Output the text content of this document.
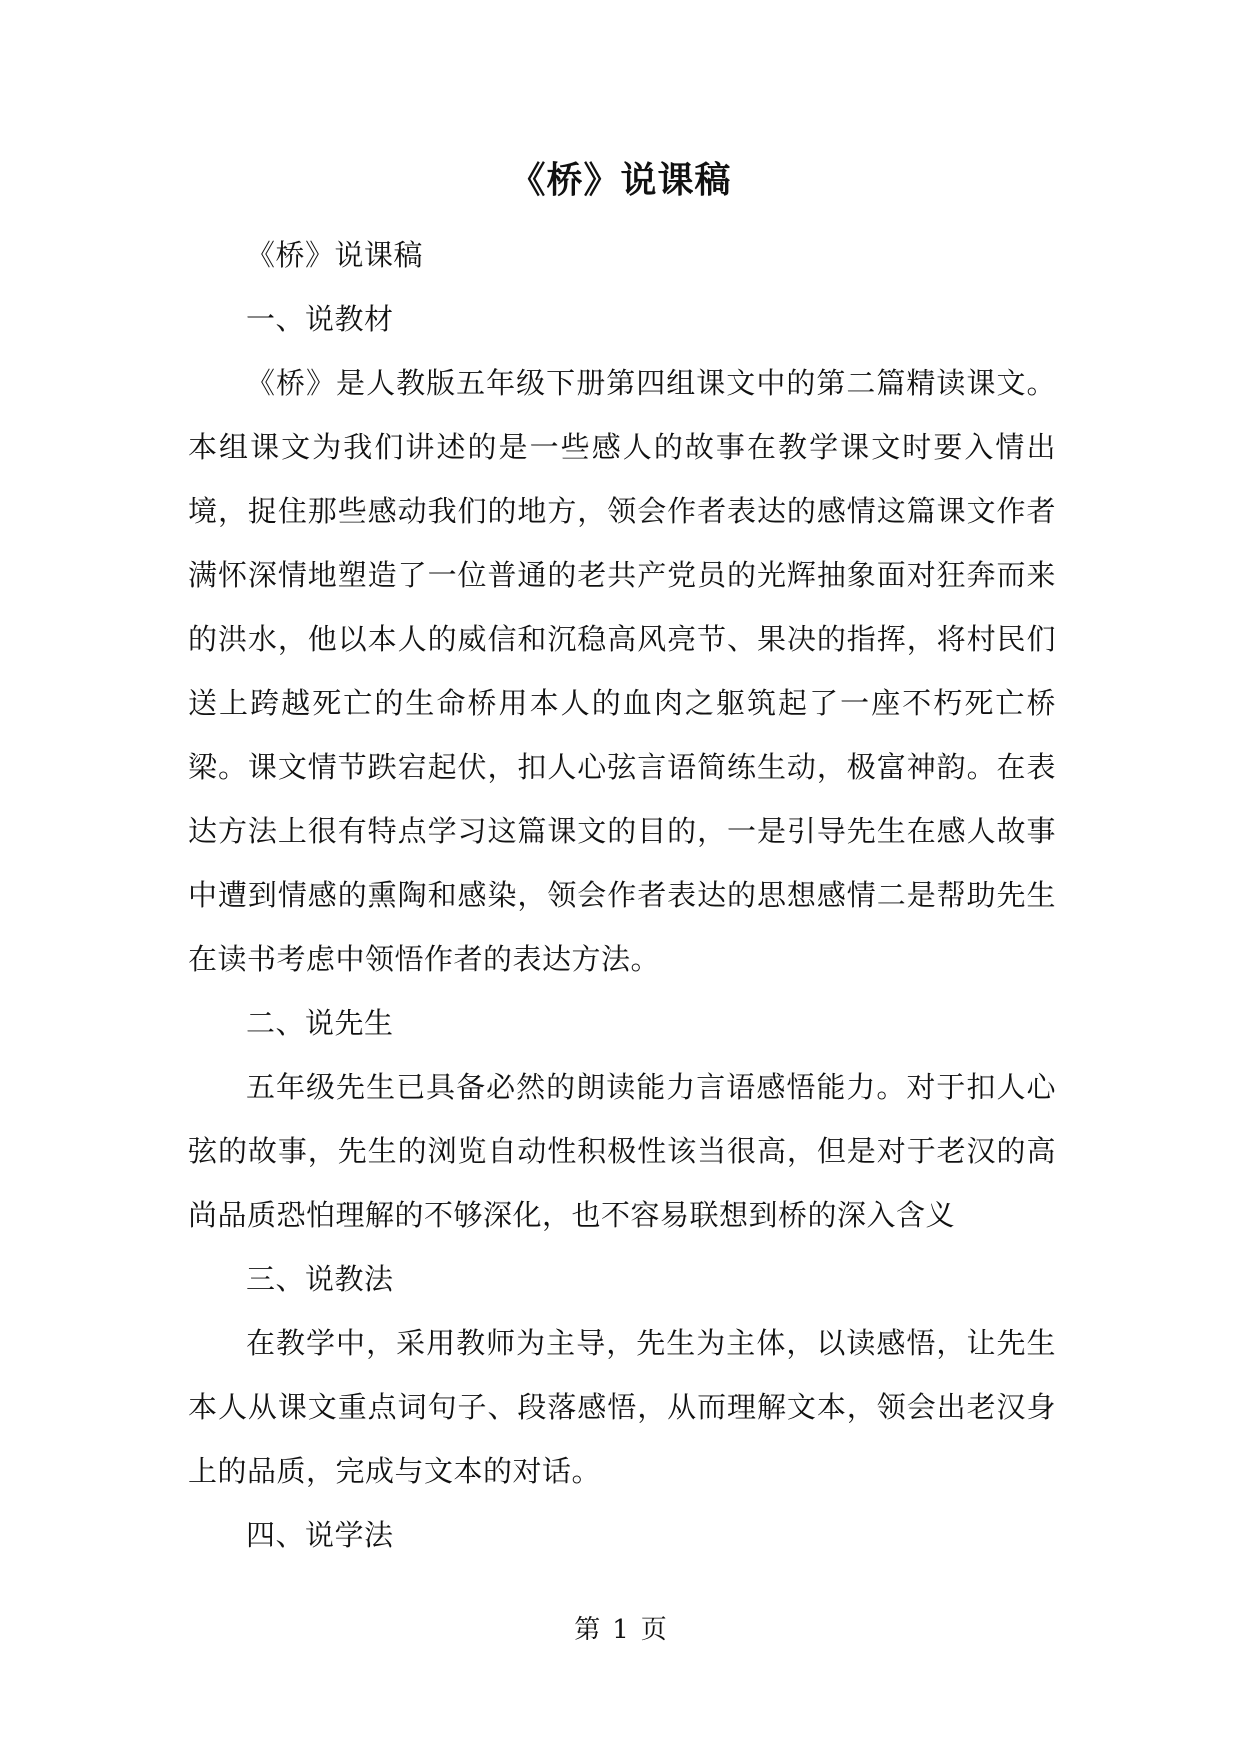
《桥》说课稿

《桥》说课稿

一、说教材

《桥》是人教版五年级下册第四组课文中的第二篇精读课文。本组课文为我们讲述的是一些感人的故事在教学课文时要入情出境，捉住那些感动我们的地方，领会作者表达的感情这篇课文作者满怀深情地塑造了一位普通的老共产党员的光辉抽象面对狂奔而来的洪水，他以本人的威信和沉稳高风亮节、果决的指挥，将村民们送上跨越死亡的生命桥用本人的血肉之躯筑起了一座不朽死亡桥梁。课文情节跌宕起伏，扣人心弦言语简练生动，极富神韵。在表达方法上很有特点学习这篇课文的目的，一是引导先生在感人故事中遭到情感的熏陶和感染，领会作者表达的思想感情二是帮助先生在读书考虑中领悟作者的表达方法。

二、说先生

五年级先生已具备必然的朗读能力言语感悟能力。对于扣人心弦的故事，先生的浏览自动性积极性该当很高，但是对于老汉的高尚品质恐怕理解的不够深化，也不容易联想到桥的深入含义

三、说教法

在教学中，采用教师为主导，先生为主体，以读感悟，让先生本人从课文重点词句子、段落感悟，从而理解文本，领会出老汉身上的品质，完成与文本的对话。

四、说学法

第 1 页
